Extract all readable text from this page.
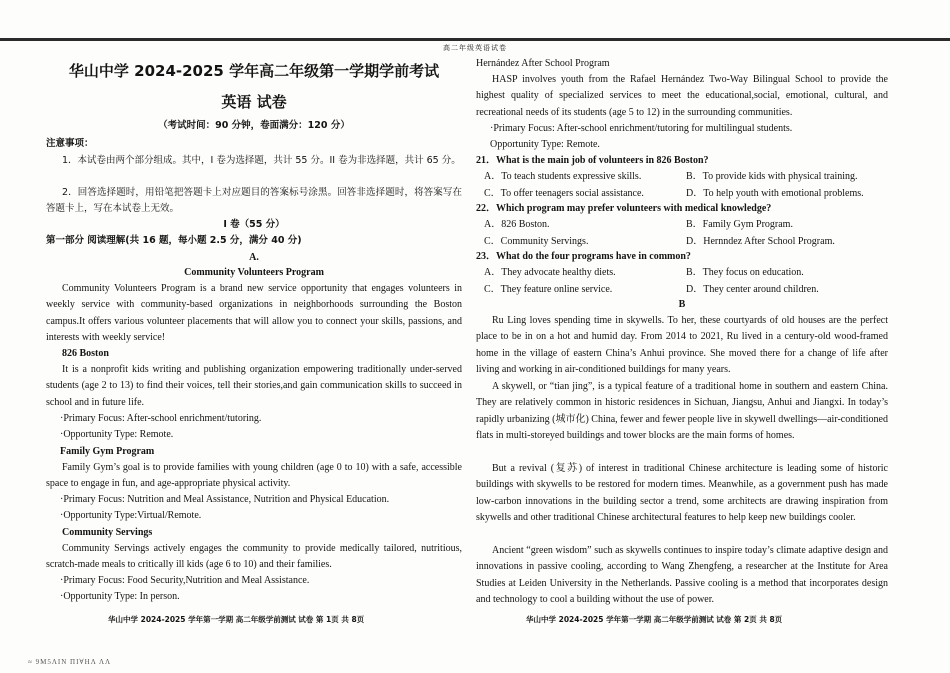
高二年级英语试卷
华山中学 2024-2025 学年高二年级第一学期学前考试
英语 试卷
（考试时间：90 分钟，卷面满分：120 分）
注意事项：
1．本试卷由两个部分组成。其中，I 卷为选择题，共计 55 分。II 卷为非选择题，共计 65 分。
2．回答选择题时，用铅笔把答题卡上对应题目的答案标号涂黑。回答非选择题时，将答案写在答题卡上，写在本试卷上无效。
I 卷（55 分）
第一部分 阅读理解(共 16 题，每小题 2.5 分，满分 40 分)
A.
Community Volunteers Program
Community Volunteers Program is a brand new service opportunity that engages volunteers in weekly service with community-based organizations in neighborhoods surrounding the Boston campus.It offers various volunteer placements that will allow you to connect your skills, passions, and interests with weekly service!
826 Boston
It is a nonprofit kids writing and publishing organization empowering traditionally under-served students (age 2 to 13) to find their voices, tell their stories,and gain communication skills to succeed in school and in future life.
·Primary Focus: After-school enrichment/tutoring.
·Opportunity Type: Remote.
Family Gym Program
Family Gym’s goal is to provide families with young children (age 0 to 10) with a safe, accessible space to engage in fun, and age-appropriate physical activity.
·Primary Focus: Nutrition and Meal Assistance, Nutrition and Physical Education.
·Opportunity Type:Virtual/Remote.
Community Servings
Community Servings actively engages the community to provide medically tailored, nutritious, scratch-made meals to critically ill kids (age 6 to 10) and their families.
·Primary Focus: Food Security,Nutrition and Meal Assistance.
·Opportunity Type: In person.
华山中学 2024-2025 学年第一学期 高二年级学前测试 试卷 第 1页 共 8页
Hernández After School Program
HASP involves youth from the Rafael Hernández Two-Way Bilingual School to provide the highest quality of specialized services to meet the educational,social, emotional, cultural, and recreational needs of its students (age 5 to 12) in the surrounding communities.
·Primary Focus: After-school enrichment/tutoring for multilingual students.
Opportunity Type: Remote.
21．What is the main job of volunteers in 826 Boston?
A．To teach students expressive skills.	B．To provide kids with physical training.
C．To offer teenagers social assistance.	D．To help youth with emotional problems.
22．Which program may prefer volunteers with medical knowledge?
A．826 Boston.	B．Family Gym Program.
C．Community Servings.	D．Hernndez After School Program.
23．What do the four programs have in common?
A．They advocate healthy diets.	B．They focus on education.
C．They feature online service.	D．They center around children.
B
Ru Ling loves spending time in skywells. To her, these courtyards of old houses are the perfect place to be in on a hot and humid day. From 2014 to 2021, Ru lived in a century-old wood-framed home in the village of eastern China’s Anhui province. She moved there for a change of life after living and working in air-conditioned buildings for many years.
A skywell, or “tian jing”, is a typical feature of a traditional home in southern and eastern China. They are relatively common in historic residences in Sichuan, Jiangsu, Anhui and Jiangxi. In today’s rapidly urbanizing (城市化) China, fewer and fewer people live in skywell dwellings—air-conditioned flats in multi-storeyed buildings and tower blocks are the main forms of homes.
But a revival (复苏) of interest in traditional Chinese architecture is leading some of historic buildings with skywells to be restored for modern times. Meanwhile, as a government push has made low-carbon innovations in the building sector a trend, some architects are drawing inspiration from skywells and other traditional Chinese architectural features to help keep new buildings cooler.
Ancient “green wisdom” such as skywells continues to inspire today’s climate adaptive design and innovations in passive cooling, according to Wang Zhengfeng, a researcher at the Institute for Area Studies at Leiden University in the Netherlands. Passive cooling is a method that incorporates design and technology to cool a building without the use of power.
华山中学 2024-2025 学年第一学期 高二年级学前测试 试卷 第 2页 共 8页
≈ 9M5ΛΙΝ ΠΙ∀ΗΛ ΛΛ
